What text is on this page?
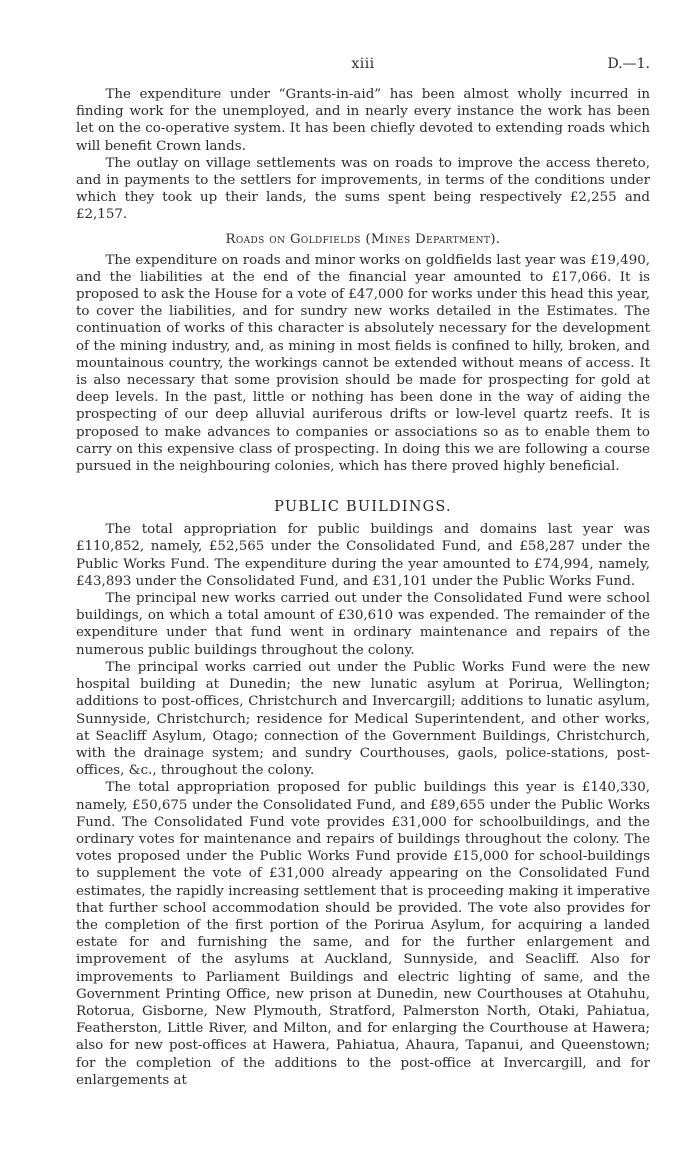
xiii	D.—1.

The expenditure under “Grants-in-aid” has been almost wholly incurred in finding work for the unemployed, and in nearly every instance the work has been let on the co-operative system. It has been chiefly devoted to extending roads which will benefit Crown lands.

The outlay on village settlements was on roads to improve the access thereto, and in payments to the settlers for improvements, in terms of the conditions under which they took up their lands, the sums spent being respectively £2,255 and £2,157.

Roads on Goldfields (Mines Department).

The expenditure on roads and minor works on goldfields last year was £19,490, and the liabilities at the end of the financial year amounted to £17,066. It is proposed to ask the House for a vote of £47,000 for works under this head this year, to cover the liabilities, and for sundry new works detailed in the Estimates. The continuation of works of this character is absolutely necessary for the development of the mining industry, and, as mining in most fields is confined to hilly, broken, and mountainous country, the workings cannot be extended without means of access. It is also necessary that some provision should be made for prospecting for gold at deep levels. In the past, little or nothing has been done in the way of aiding the prospecting of our deep alluvial auriferous drifts or low-level quartz reefs. It is proposed to make advances to companies or associations so as to enable them to carry on this expensive class of prospecting. In doing this we are following a course pursued in the neighbouring colonies, which has there proved highly beneficial.

PUBLIC BUILDINGS.

The total appropriation for public buildings and domains last year was £110,852, namely, £52,565 under the Consolidated Fund, and £58,287 under the Public Works Fund. The expenditure during the year amounted to £74,994, namely, £43,893 under the Consolidated Fund, and £31,101 under the Public Works Fund.

The principal new works carried out under the Consolidated Fund were school buildings, on which a total amount of £30,610 was expended. The remainder of the expenditure under that fund went in ordinary maintenance and repairs of the numerous public buildings throughout the colony.

The principal works carried out under the Public Works Fund were the new hospital building at Dunedin; the new lunatic asylum at Porirua, Wellington; additions to post-offices, Christchurch and Invercargill; additions to lunatic asylum, Sunnyside, Christchurch; residence for Medical Superintendent, and other works, at Seacliff Asylum, Otago; connection of the Government Buildings, Christchurch, with the drainage system; and sundry Courthouses, gaols, police-stations, post-offices, &c., throughout the colony.

The total appropriation proposed for public buildings this year is £140,330, namely, £50,675 under the Consolidated Fund, and £89,655 under the Public Works Fund. The Consolidated Fund vote provides £31,000 for schoolbuildings, and the ordinary votes for maintenance and repairs of buildings throughout the colony. The votes proposed under the Public Works Fund provide £15,000 for school-buildings to supplement the vote of £31,000 already appearing on the Consolidated Fund estimates, the rapidly increasing settlement that is proceeding making it imperative that further school accommodation should be provided. The vote also provides for the completion of the first portion of the Porirua Asylum, for acquiring a landed estate for and furnishing the same, and for the further enlargement and improvement of the asylums at Auckland, Sunnyside, and Seacliff. Also for improvements to Parliament Buildings and electric lighting of same, and the Government Printing Office, new prison at Dunedin, new Courthouses at Otahuhu, Rotorua, Gisborne, New Plymouth, Stratford, Palmerston North, Otaki, Pahiatua, Featherston, Little River, and Milton, and for enlarging the Courthouse at Hawera; also for new post-offices at Hawera, Pahiatua, Ahaura, Tapanui, and Queenstown; for the completion of the additions to the post-office at Invercargill, and for enlargements at
